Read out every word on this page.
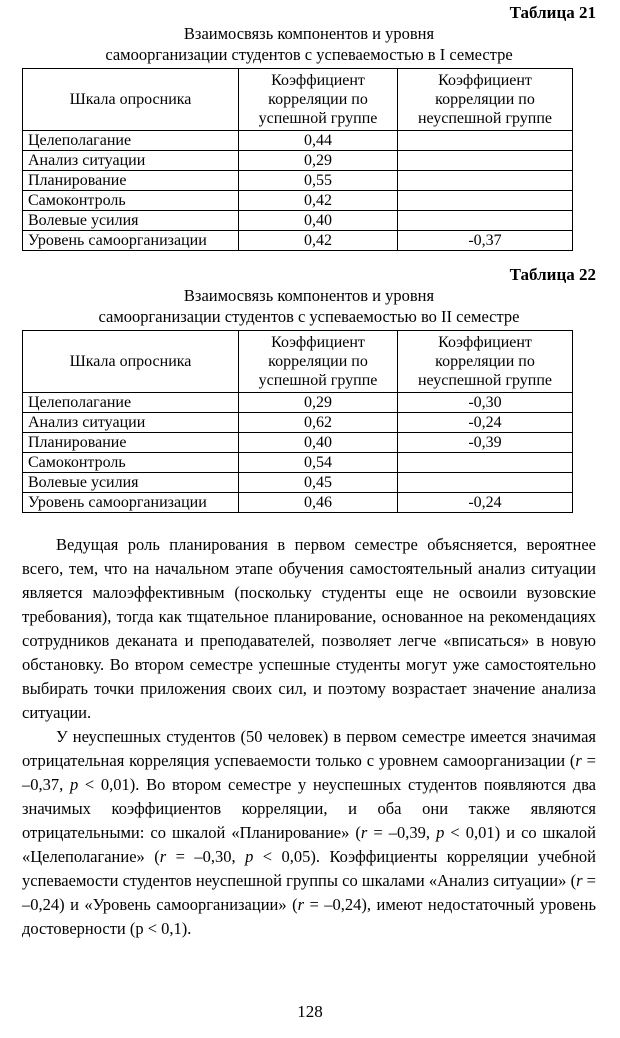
Таблица 21
Взаимосвязь компонентов и уровня
самоорганизации студентов с успеваемостью в I семестре
Шкала опросника	Коэффициент корреляции по успешной группе	Коэффициент корреляции по неуспешной группе
Целеполагание	0,44	
Анализ ситуации	0,29	
Планирование	0,55	
Самоконтроль	0,42	
Волевые усилия	0,40	
Уровень самоорганизации	0,42	-0,37
Таблица 22
Взаимосвязь компонентов и уровня
самоорганизации студентов с успеваемостью во II семестре
Шкала опросника	Коэффициент корреляции по успешной группе	Коэффициент корреляции по неуспешной группе
Целеполагание	0,29	-0,30
Анализ ситуации	0,62	-0,24
Планирование	0,40	-0,39
Самоконтроль	0,54	
Волевые усилия	0,45	
Уровень самоорганизации	0,46	-0,24

Ведущая роль планирования в первом семестре объясняется, вероятнее всего, тем, что на начальном этапе обучения самостоятельный анализ ситуации является малоэффективным (поскольку студенты еще не освоили вузовские требования), тогда как тщательное планирование, основанное на рекомендациях сотрудников деканата и преподавателей, позволяет легче «вписаться» в новую обстановку. Во втором семестре успешные студенты могут уже самостоятельно выбирать точки приложения своих сил, и поэтому возрастает значение анализа ситуации.

У неуспешных студентов (50 человек) в первом семестре имеется значимая отрицательная корреляция успеваемости только с уровнем самоорганизации (r = –0,37, p < 0,01). Во втором семестре у неуспешных студентов появляются два значимых коэффициентов корреляции, и оба они также являются отрицательными: со шкалой «Планирование» (r = –0,39, p < 0,01) и со шкалой «Целеполагание» (r = –0,30, p < 0,05). Коэффициенты корреляции учебной успеваемости студентов неуспешной группы со шкалами «Анализ ситуации» (r = –0,24) и «Уровень самоорганизации» (r = –0,24), имеют недостаточный уровень достоверности (p < 0,1).

128
